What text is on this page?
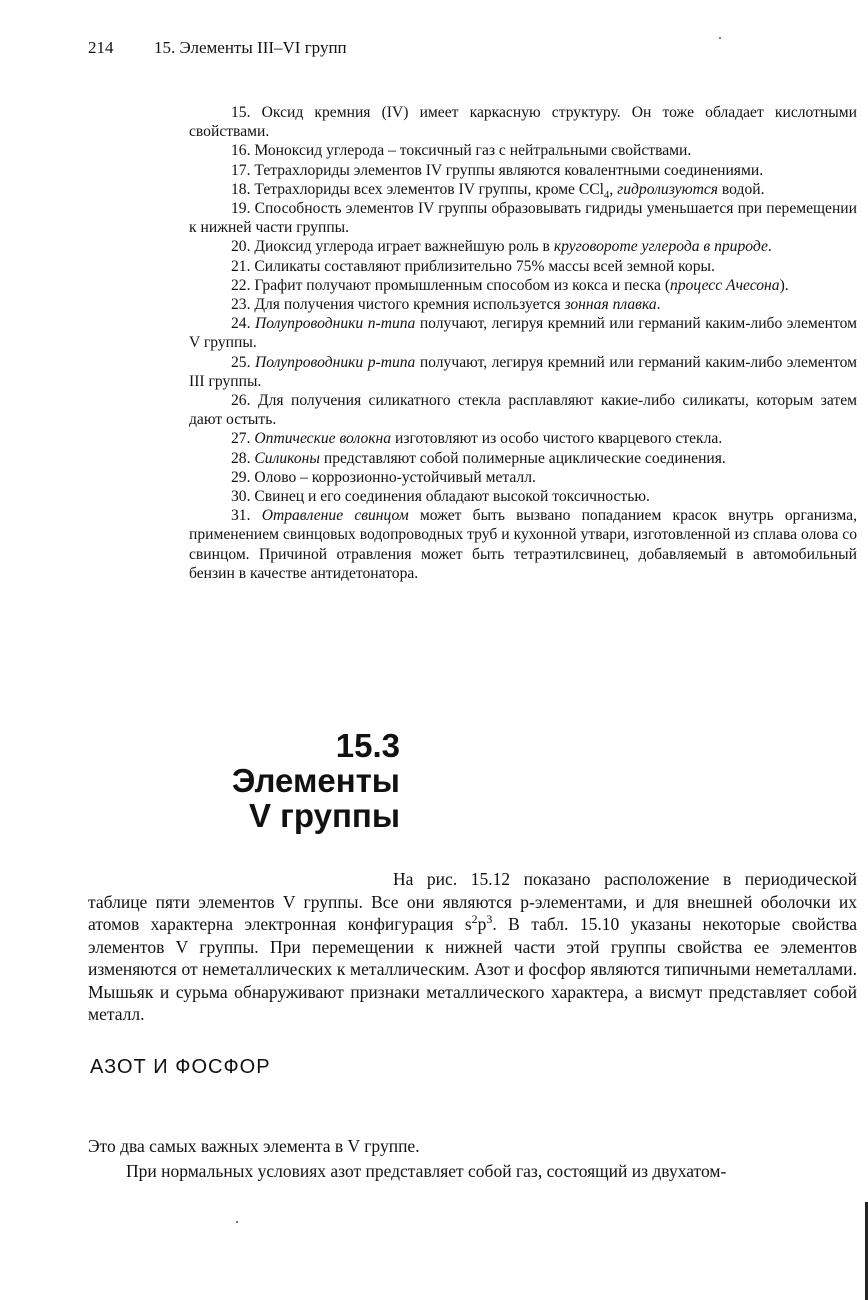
214 15. Элементы III–VI групп

15. Оксид кремния (IV) имеет каркасную структуру. Он тоже обладает кислотными свойствами.

16. Моноксид углерода – токсичный газ с нейтральными свойствами.

17. Тетрахлориды элементов IV группы являются ковалентными соединениями.

18. Тетрахлориды всех элементов IV группы, кроме CCl$_4$, гидролизуются водой.

19. Способность элементов IV группы образовывать гидриды уменьшается при перемещении к нижней части группы.

20. Диоксид углерода играет важнейшую роль в круговороте углерода в природе.

21. Силикаты составляют приблизительно 75% массы всей земной коры.

22. Графит получают промышленным способом из кокса и песка (процесс Ачесона).

23. Для получения чистого кремния используется зонная плавка.

24. Полупроводники n-типа получают, легируя кремний или германий каким-либо элементом V группы.

25. Полупроводники p-типа получают, легируя кремний или германий каким-либо элементом III группы.

26. Для получения силикатного стекла расплавляют какие-либо силикаты, которым затем дают остыть.

27. Оптические волокна изготовляют из особо чистого кварцевого стекла.

28. Силиконы представляют собой полимерные ациклические соединения.

29. Олово – коррозионно-устойчивый металл.

30. Свинец и его соединения обладают высокой токсичностью.

31. Отравление свинцом может быть вызвано попаданием красок внутрь организма, применением свинцовых водопроводных труб и кухонной утвари, изготовленной из сплава олова со свинцом. Причиной отравления может быть тетраэтилсвинец, добавляемый в автомобильный бензин в качестве антидетонатора.

15.3
Элементы
V группы
На рис. 15.12 показано расположение в периодической таблице пяти элементов V группы. Все они являются p-элементами, и для внешней оболочки их атомов характерна электронная конфигурация $s^2p^3$. В табл. 15.10 указаны некоторые свойства элементов V группы. При перемещении к нижней части этой группы свойства ее элементов изменяются от неметаллических к металлическим. Азот и фосфор являются типичными неметаллами. Мышьяк и сурьма обнаруживают признаки металлического характера, а висмут представляет собой металл.
АЗОТ И ФОСФОР
Это два самых важных элемента в V группе.
При нормальных условиях азот представляет собой газ, состоящий из двухатом-
